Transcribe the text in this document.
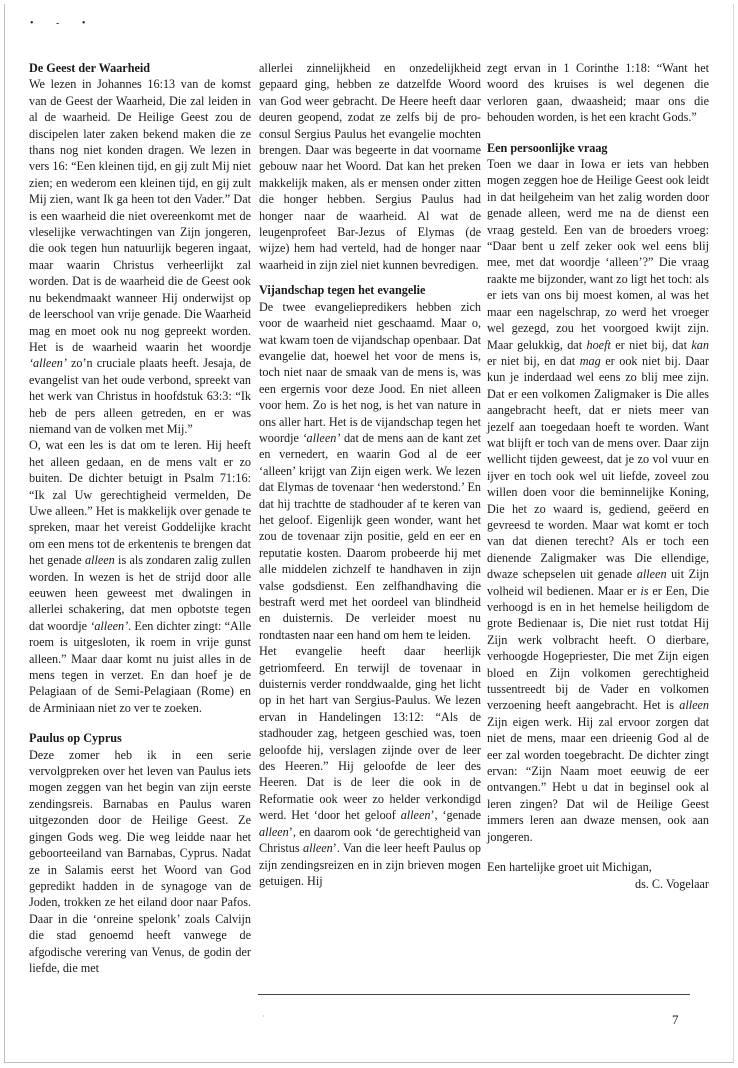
• - •
De Geest der Waarheid

We lezen in Johannes 16:13 van de komst van de Geest der Waarheid, Die zal leiden in al de waarheid. De Heilige Geest zou de discipelen later zaken bekend maken die ze thans nog niet konden dragen. We lezen in vers 16: “Een kleinen tijd, en gij zult Mij niet zien; en wederom een kleinen tijd, en gij zult Mij zien, want Ik ga heen tot den Vader.” Dat is een waarheid die niet overeenkomt met de vleselijke verwachtingen van Zijn jongeren, die ook tegen hun natuurlijk begeren ingaat, maar waarin Christus verheerlijkt zal worden. Dat is de waarheid die de Geest ook nu bekendmaakt wanneer Hij onderwijst op de leerschool van vrije genade. Die Waarheid mag en moet ook nu nog gepreekt worden. Het is de waarheid waarin het woordje ‘alleen’ zo’n cruciale plaats heeft. Jesaja, de evangelist van het oude verbond, spreekt van het werk van Christus in hoofdstuk 63:3: “Ik heb de pers alleen getreden, en er was niemand van de volken met Mij.”

O, wat een les is dat om te leren. Hij heeft het alleen gedaan, en de mens valt er zo buiten. De dichter betuigt in Psalm 71:16: “Ik zal Uw gerechtigheid vermelden, De Uwe alleen.” Het is makkelijk over genade te spreken, maar het vereist Goddelijke kracht om een mens tot de erkentenis te brengen dat het genade alleen is als zondaren zalig zullen worden. In wezen is het de strijd door alle eeuwen heen geweest met dwalingen in allerlei schakering, dat men opbotste tegen dat woordje ‘alleen’. Een dichter zingt: “Alle roem is uitgesloten, ik roem in vrije gunst alleen.” Maar daar komt nu juist alles in de mens tegen in verzet. En dan hoef je de Pelagiaan of de Semi-Pelagiaan (Rome) en de Arminiaan niet zo ver te zoeken.

Paulus op Cyprus

Deze zomer heb ik in een serie vervolgpreken over het leven van Paulus iets mogen zeggen van het begin van zijn eerste zendingsreis. Barnabas en Paulus waren uitgezonden door de Heilige Geest. Ze gingen Gods weg. Die weg leidde naar het geboorteeiland van Barnabas, Cyprus. Nadat ze in Salamis eerst het Woord van God gepredikt hadden in de synagoge van de Joden, trokken ze het eiland door naar Pafos. Daar in die ‘onreine spelonk’ zoals Calvijn die stad genoemd heeft vanwege de afgodische verering van Venus, de godin der liefde, die met

allerlei zinnelijkheid en onzedelijkheid gepaard ging, hebben ze datzelfde Woord van God weer gebracht. De Heere heeft daar deuren geopend, zodat ze zelfs bij de pro-consul Sergius Paulus het evangelie mochten brengen. Daar was begeerte in dat voorname gebouw naar het Woord. Dat kan het preken makkelijk maken, als er mensen onder zitten die honger hebben. Sergius Paulus had honger naar de waarheid. Al wat de leugenprofeet Bar-Jezus of Elymas (de wijze) hem had verteld, had de honger naar waarheid in zijn ziel niet kunnen bevredigen.

Vijandschap tegen het evangelie

De twee evangeliepredikers hebben zich voor de waarheid niet geschaamd. Maar o, wat kwam toen de vijandschap openbaar. Dat evangelie dat, hoewel het voor de mens is, toch niet naar de smaak van de mens is, was een ergernis voor deze Jood. En niet alleen voor hem. Zo is het nog, is het van nature in ons aller hart. Het is de vijandschap tegen het woordje ‘alleen’ dat de mens aan de kant zet en vernedert, en waarin God al de eer ‘alleen’ krijgt van Zijn eigen werk. We lezen dat Elymas de tovenaar ‘hen wederstond.’ En dat hij trachtte de stadhouder af te keren van het geloof. Eigenlijk geen wonder, want het zou de tovenaar zijn positie, geld en eer en reputatie kosten. Daarom probeerde hij met alle middelen zichzelf te handhaven in zijn valse godsdienst. Een zelfhandhaving die bestraft werd met het oordeel van blindheid en duisternis. De verleider moest nu rondtasten naar een hand om hem te leiden.

Het evangelie heeft daar heerlijk getriomfeerd. En terwijl de tovenaar in duisternis verder ronddwaalde, ging het licht op in het hart van Sergius-Paulus. We lezen ervan in Handelingen 13:12: “Als de stadhouder zag, hetgeen geschied was, toen geloofde hij, verslagen zijnde over de leer des Heeren.” Hij geloofde de leer des Heeren. Dat is de leer die ook in de Reformatie ook weer zo helder verkondigd werd. Het ‘door het geloof alleen’, ‘genade alleen’, en daarom ook ‘de gerechtigheid van Christus alleen’. Van die leer heeft Paulus op zijn zendingsreizen en in zijn brieven mogen getuigen. Hij

zegt ervan in 1 Corinthe 1:18: “Want het woord des kruises is wel degenen die verloren gaan, dwaasheid; maar ons die behouden worden, is het een kracht Gods.”

Een persoonlijke vraag

Toen we daar in Iowa er iets van hebben mogen zeggen hoe de Heilige Geest ook leidt in dat heilgeheim van het zalig worden door genade alleen, werd me na de dienst een vraag gesteld. Een van de broeders vroeg: “Daar bent u zelf zeker ook wel eens blij mee, met dat woordje ‘alleen’?” Die vraag raakte me bijzonder, want zo ligt het toch: als er iets van ons bij moest komen, al was het maar een nagelschrap, zo werd het vroeger wel gezegd, zou het voorgoed kwijt zijn. Maar gelukkig, dat hoeft er niet bij, dat kan er niet bij, en dat mag er ook niet bij. Daar kun je inderdaad wel eens zo blij mee zijn. Dat er een volkomen Zaligmaker is Die alles aangebracht heeft, dat er niets meer van jezelf aan toegedaan hoeft te worden. Want wat blijft er toch van de mens over. Daar zijn wellicht tijden geweest, dat je zo vol vuur en ijver en toch ook wel uit liefde, zoveel zou willen doen voor die beminnelijke Koning, Die het zo waard is, gediend, geëerd en gevreesd te worden. Maar wat komt er toch van dat dienen terecht? Als er toch een dienende Zaligmaker was Die ellendige, dwaze schepselen uit genade alleen uit Zijn volheid wil bedienen. Maar er is er Een, Die verhoogd is en in het hemelse heiligdom de grote Bedienaar is, Die niet rust totdat Hij Zijn werk volbracht heeft. O dierbare, verhoogde Hogepriester, Die met Zijn eigen bloed en Zijn volkomen gerechtigheid tussentreedt bij de Vader en volkomen verzoening heeft aangebracht. Het is alleen Zijn eigen werk. Hij zal ervoor zorgen dat niet de mens, maar een drieenig God al de eer zal worden toegebracht. De dichter zingt ervan: “Zijn Naam moet eeuwig de eer ontvangen.” Hebt u dat in beginsel ook al leren zingen? Dat wil de Heilige Geest immers leren aan dwaze mensen, ook aan jongeren.

Een hartelijke groet uit Michigan,

ds. C. Vogelaar

·	7
